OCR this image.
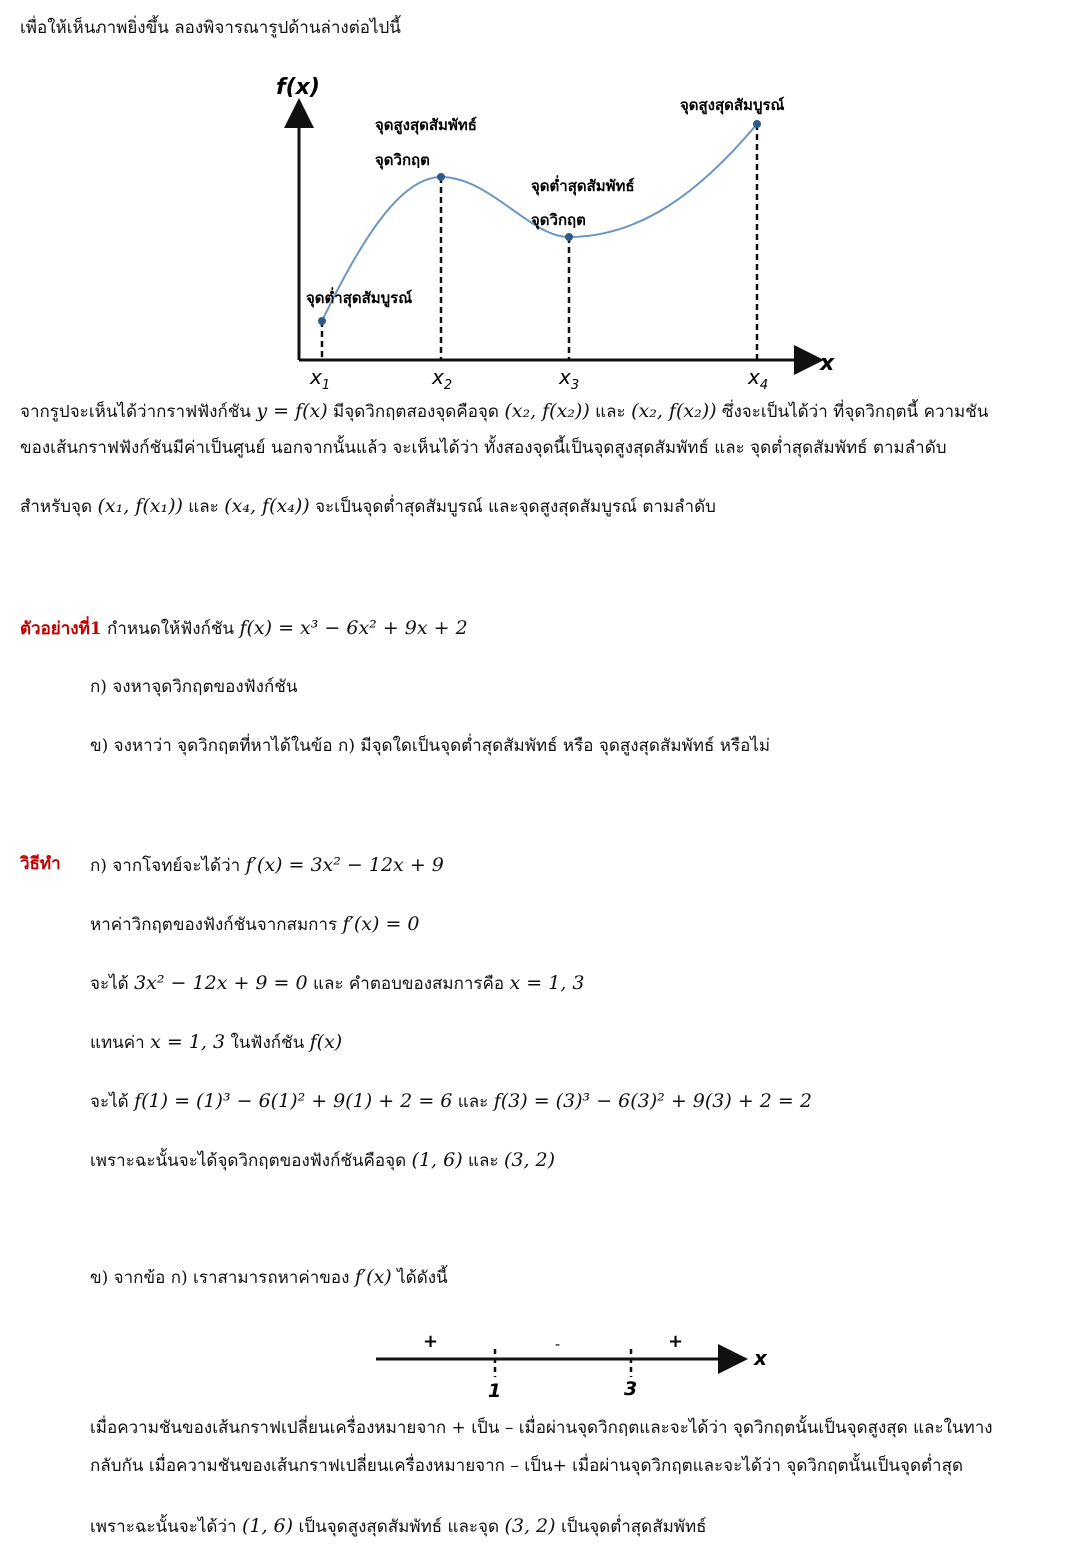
เพื่อให้เห็นภาพยิ่งขึ้น ลองพิจารณารูปด้านล่างต่อไปนี้
f(x)
x
จุดต่ำสุดสัมบูรณ์
จุดสูงสุดสัมพัทธ์
จุดวิกฤต
จุดต่ำสุดสัมพัทธ์
จุดวิกฤต
จุดสูงสุดสัมบูรณ์
$x_1$	$x_2$	$x_3$	$x_4$
จากรูปจะเห็นได้ว่ากราฟฟังก์ชัน y = f(x) มีจุดวิกฤตสองจุดคือจุด (x₂, f(x₂)) และ (x₂, f(x₂)) ซึ่งจะเป็นได้ว่า ที่จุดวิกฤตนี้ ความชัน
ของเส้นกราฟฟังก์ชันมีค่าเป็นศูนย์ นอกจากนั้นแล้ว จะเห็นได้ว่า ทั้งสองจุดนี้เป็นจุดสูงสุดสัมพัทธ์ และ จุดต่ำสุดสัมพัทธ์ ตามลำดับ
สำหรับจุด (x₁, f(x₁)) และ (x₄, f(x₄)) จะเป็นจุดต่ำสุดสัมบูรณ์ และจุดสูงสุดสัมบูรณ์ ตามลำดับ
ตัวอย่างที่1 กำหนดให้ฟังก์ชัน f(x) = x³ − 6x² + 9x + 2
ก) จงหาจุดวิกฤตของฟังก์ชัน
ข) จงหาว่า จุดวิกฤตที่หาได้ในข้อ ก) มีจุดใดเป็นจุดต่ำสุดสัมพัทธ์ หรือ จุดสูงสุดสัมพัทธ์ หรือไม่
วิธีทำ ก) จากโจทย์จะได้ว่า f′(x) = 3x² − 12x + 9
หาค่าวิกฤตของฟังก์ชันจากสมการ f′(x) = 0
จะได้ 3x² − 12x + 9 = 0 และ คำตอบของสมการคือ x = 1, 3
แทนค่า x = 1, 3 ในฟังก์ชัน f(x)
จะได้ f(1) = (1)³ − 6(1)² + 9(1) + 2 = 6 และ f(3) = (3)³ − 6(3)² + 9(3) + 2 = 2
เพราะฉะนั้นจะได้จุดวิกฤตของฟังก์ชันคือจุด (1, 6) และ (3, 2)
ข) จากข้อ ก) เราสามารถหาค่าของ f′(x) ได้ดังนี้
+	-	+
1	3
x
เมื่อความชันของเส้นกราฟเปลี่ยนเครื่องหมายจาก + เป็น – เมื่อผ่านจุดวิกฤตและจะได้ว่า จุดวิกฤตนั้นเป็นจุดสูงสุด และในทาง
กลับกัน เมื่อความชันของเส้นกราฟเปลี่ยนเครื่องหมายจาก – เป็น+ เมื่อผ่านจุดวิกฤตและจะได้ว่า จุดวิกฤตนั้นเป็นจุดต่ำสุด
เพราะฉะนั้นจะได้ว่า (1, 6) เป็นจุดสูงสุดสัมพัทธ์ และจุด (3, 2) เป็นจุดต่ำสุดสัมพัทธ์
